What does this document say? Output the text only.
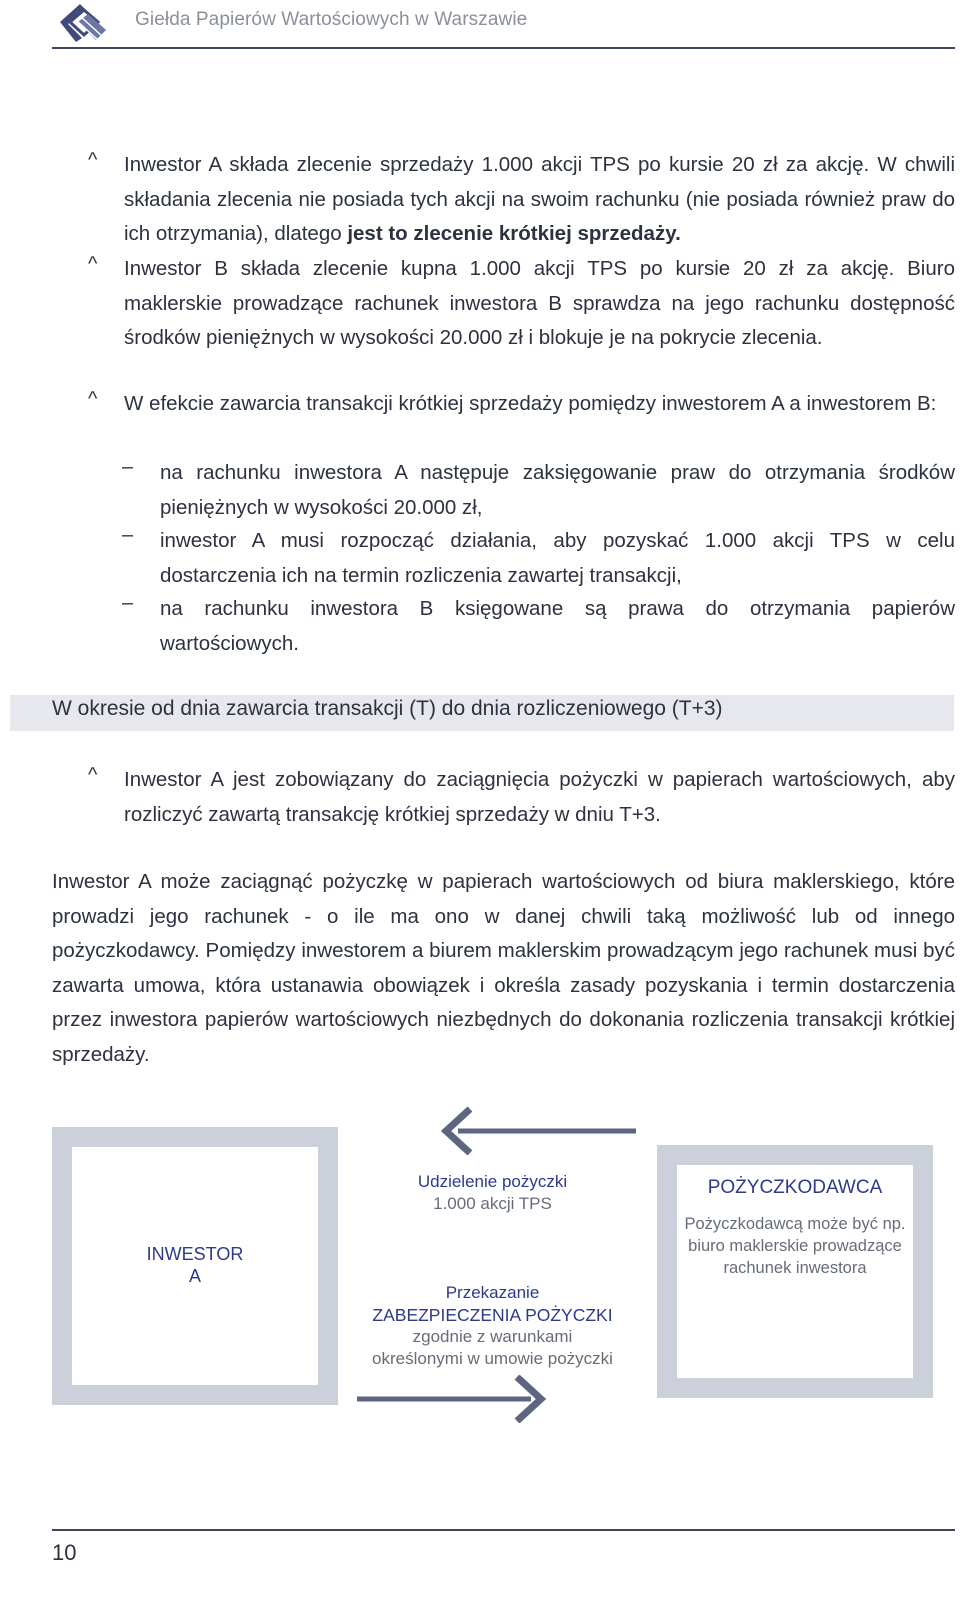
Giełda Papierów Wartościowych w Warszawie
^	Inwestor A składa zlecenie sprzedaży 1.000 akcji TPS po kursie 20 zł za akcję. W chwili składania zlecenia nie posiada tych akcji na swoim rachunku (nie posiada również praw do ich otrzymania), dlatego jest to zlecenie krótkiej sprzedaży.
^	Inwestor B składa zlecenie kupna 1.000 akcji TPS po kursie 20 zł za akcję. Biuro maklerskie prowadzące rachunek inwestora B sprawdza na jego rachunku dostępność środków pieniężnych w wysokości 20.000 zł i blokuje je na pokrycie zlecenia.
^	W efekcie zawarcia transakcji krótkiej sprzedaży pomiędzy inwestorem A a inwestorem B:
–	na rachunku inwestora A następuje zaksięgowanie praw do otrzymania środków pieniężnych w wysokości 20.000 zł,
–	inwestor A musi rozpocząć działania, aby pozyskać 1.000 akcji TPS w celu dostarczenia ich na termin rozliczenia zawartej transakcji,
–	na rachunku inwestora B księgowane są prawa do otrzymania papierów wartościowych.
W okresie od dnia zawarcia transakcji (T) do dnia rozliczeniowego (T+3)
^	Inwestor A jest zobowiązany do zaciągnięcia pożyczki w papierach wartościowych, aby rozliczyć zawartą transakcję krótkiej sprzedaży w dniu T+3.
Inwestor A może zaciągnąć pożyczkę w papierach wartościowych od biura maklerskiego, które prowadzi jego rachunek - o ile ma ono w danej chwili taką możliwość lub od innego pożyczkodawcy. Pomiędzy inwestorem a biurem maklerskim prowadzącym jego rachunek musi być zawarta umowa, która ustanawia obowiązek i określa zasady pozyskania i termin dostarczenia przez inwestora papierów wartościowych niezbędnych do dokonania rozliczenia transakcji krótkiej sprzedaży.
INWESTOR
A
POŻYCZKODAWCA
Pożyczkodawcą może być np. biuro maklerskie prowadzące rachunek inwestora
Udzielenie pożyczki
1.000 akcji TPS
Przekazanie
ZABEZPIECZENIA POŻYCZKI
zgodnie z warunkami
określonymi w umowie pożyczki
10
